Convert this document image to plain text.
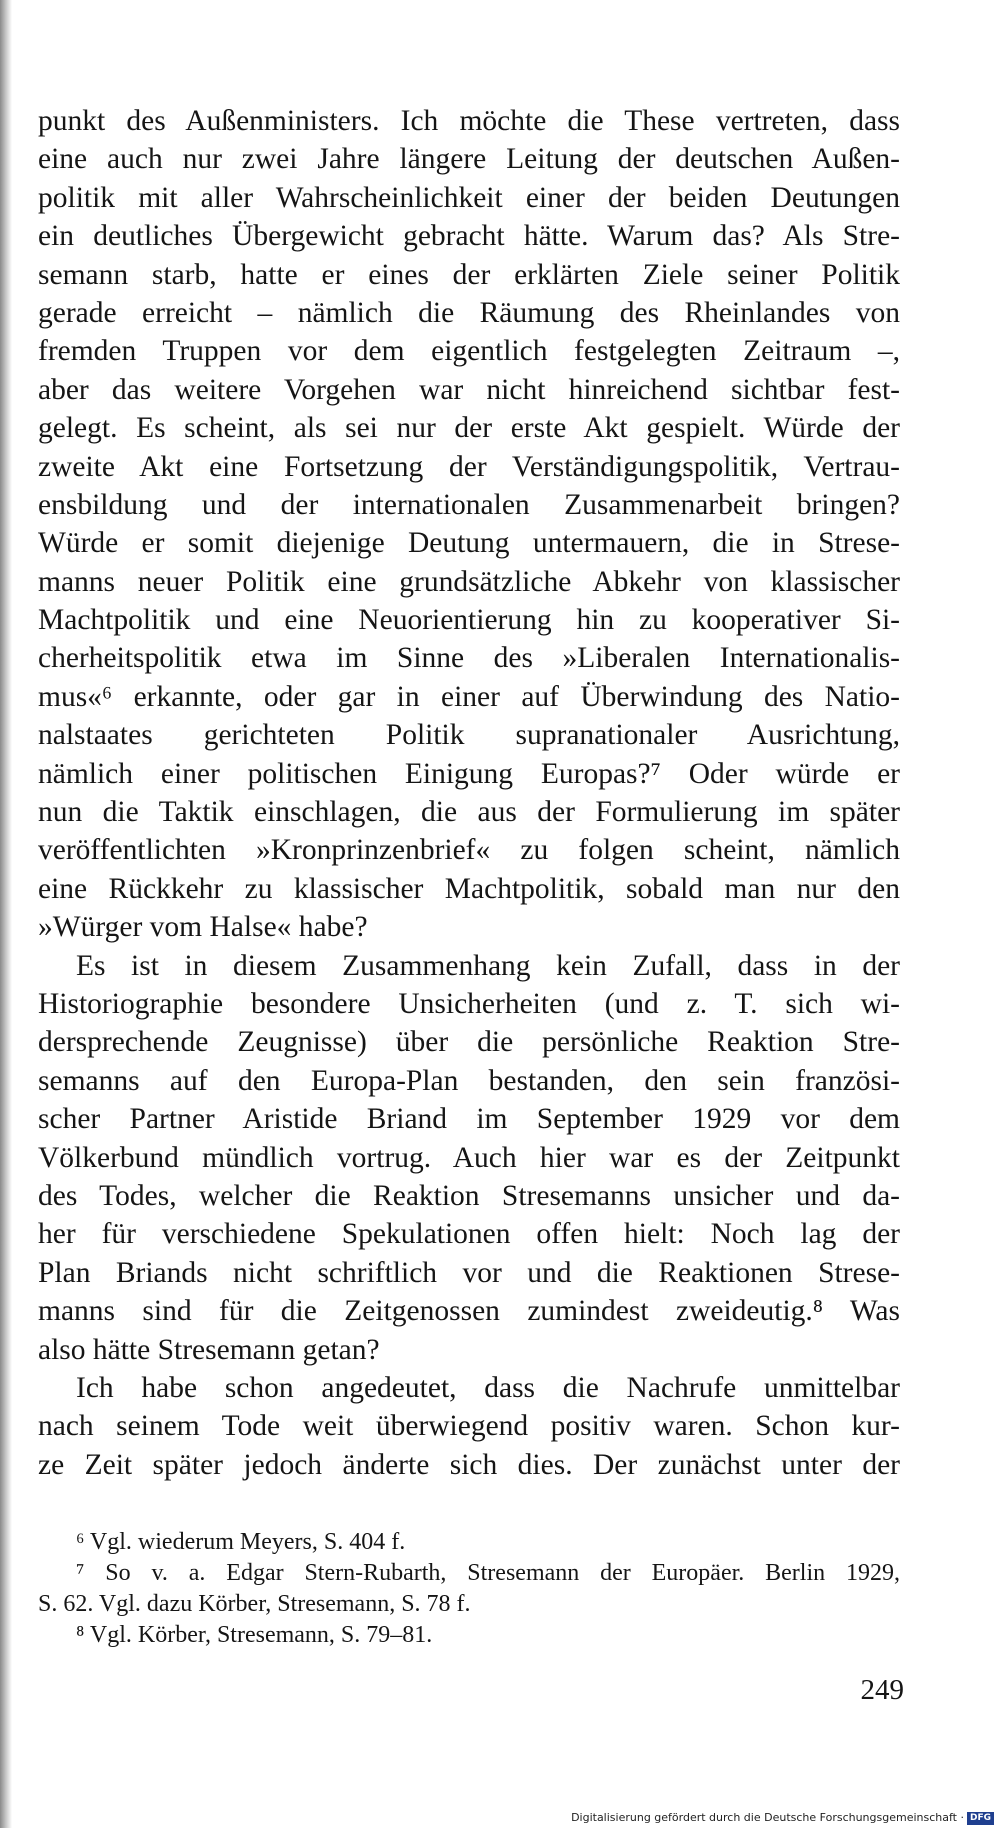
punkt des Außenministers. Ich möchte die These vertreten, dass
eine auch nur zwei Jahre längere Leitung der deutschen Außen-
politik mit aller Wahrscheinlichkeit einer der beiden Deutungen
ein deutliches Übergewicht gebracht hätte. Warum das? Als Stre-
semann starb, hatte er eines der erklärten Ziele seiner Politik
gerade erreicht – nämlich die Räumung des Rheinlandes von
fremden Truppen vor dem eigentlich festgelegten Zeitraum –,
aber das weitere Vorgehen war nicht hinreichend sichtbar fest-
gelegt. Es scheint, als sei nur der erste Akt gespielt. Würde der
zweite Akt eine Fortsetzung der Verständigungspolitik, Vertrau-
ensbildung und der internationalen Zusammenarbeit bringen?
Würde er somit diejenige Deutung untermauern, die in Strese-
manns neuer Politik eine grundsätzliche Abkehr von klassischer
Machtpolitik und eine Neuorientierung hin zu kooperativer Si-
cherheitspolitik etwa im Sinne des »Liberalen Internationalis-
mus«⁶ erkannte, oder gar in einer auf Überwindung des Natio-
nalstaates gerichteten Politik supranationaler Ausrichtung,
nämlich einer politischen Einigung Europas?⁷ Oder würde er
nun die Taktik einschlagen, die aus der Formulierung im später
veröffentlichten »Kronprinzenbrief« zu folgen scheint, nämlich
eine Rückkehr zu klassischer Machtpolitik, sobald man nur den
»Würger vom Halse« habe?
Es ist in diesem Zusammenhang kein Zufall, dass in der
Historiographie besondere Unsicherheiten (und z. T. sich wi-
dersprechende Zeugnisse) über die persönliche Reaktion Stre-
semanns auf den Europa-Plan bestanden, den sein französi-
scher Partner Aristide Briand im September 1929 vor dem
Völkerbund mündlich vortrug. Auch hier war es der Zeitpunkt
des Todes, welcher die Reaktion Stresemanns unsicher und da-
her für verschiedene Spekulationen offen hielt: Noch lag der
Plan Briands nicht schriftlich vor und die Reaktionen Strese-
manns sind für die Zeitgenossen zumindest zweideutig.⁸ Was
also hätte Stresemann getan?
Ich habe schon angedeutet, dass die Nachrufe unmittelbar
nach seinem Tode weit überwiegend positiv waren. Schon kur-
ze Zeit später jedoch änderte sich dies. Der zunächst unter der
⁶ Vgl. wiederum Meyers, S. 404 f.
⁷ So v. a. Edgar Stern-Rubarth, Stresemann der Europäer. Berlin 1929,
S. 62. Vgl. dazu Körber, Stresemann, S. 78 f.
⁸ Vgl. Körber, Stresemann, S. 79–81.
249
Digitalisierung gefördert durch die Deutsche Forschungsgemeinschaft · DFG
